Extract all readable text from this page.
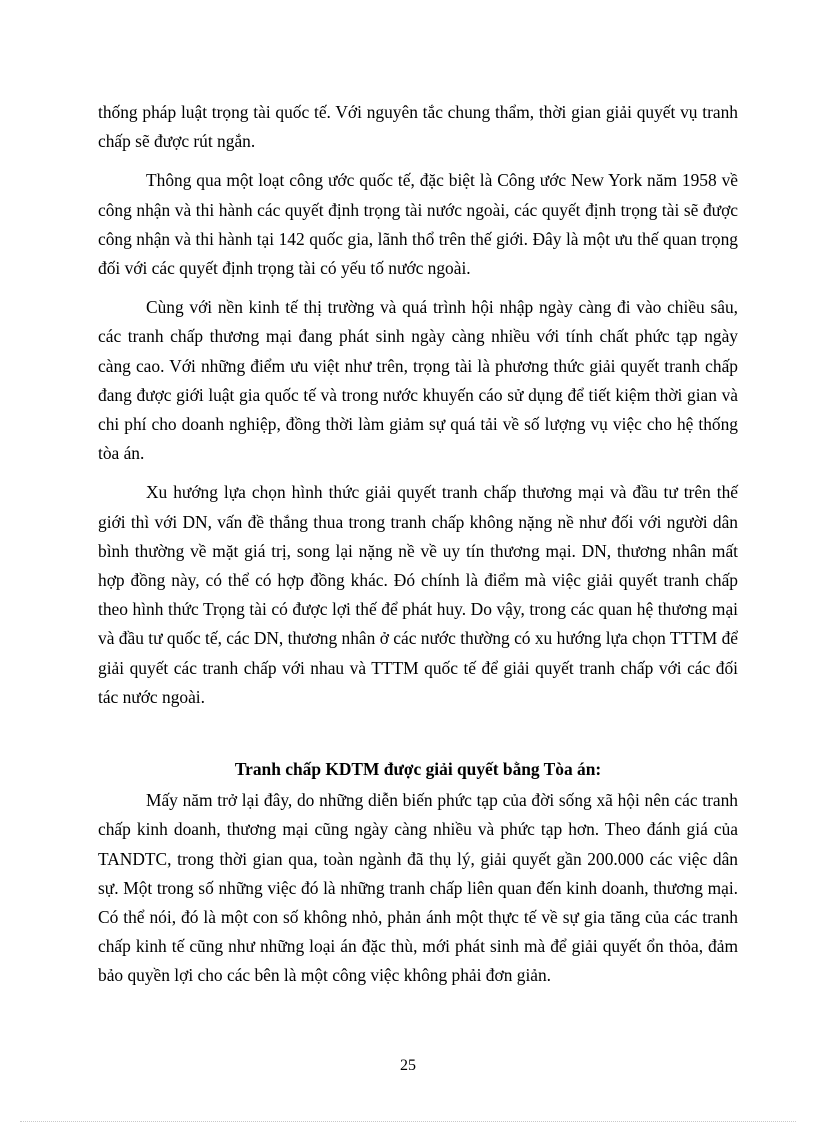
thống pháp luật trọng tài quốc tế. Với nguyên tắc chung thẩm, thời gian giải quyết vụ tranh chấp sẽ được rút ngắn.

Thông qua một loạt công ước quốc tế, đặc biệt là Công ước New York năm 1958 về công nhận và thi hành các quyết định trọng tài nước ngoài, các quyết định trọng tài sẽ được công nhận và thi hành tại 142 quốc gia, lãnh thổ trên thế giới. Đây là một ưu thế quan trọng đối với các quyết định trọng tài có yếu tố nước ngoài.

Cùng với nền kinh tế thị trường và quá trình hội nhập ngày càng đi vào chiều sâu, các tranh chấp thương mại đang phát sinh ngày càng nhiều với tính chất phức tạp ngày càng cao. Với những điểm ưu việt như trên, trọng tài là phương thức giải quyết tranh chấp đang được giới luật gia quốc tế và trong nước khuyến cáo sử dụng để tiết kiệm thời gian và chi phí cho doanh nghiệp, đồng thời làm giảm sự quá tải về số lượng vụ việc cho hệ thống tòa án.

Xu hướng lựa chọn hình thức giải quyết tranh chấp thương mại và đầu tư trên thế giới thì với DN, vấn đề thắng thua trong tranh chấp không nặng nề như đối với người dân bình thường về mặt giá trị, song lại nặng nề về uy tín thương mại. DN, thương nhân mất hợp đồng này, có thể có hợp đồng khác. Đó chính là điểm mà việc giải quyết tranh chấp theo hình thức Trọng tài có được lợi thế để phát huy. Do vậy, trong các quan hệ thương mại và đầu tư quốc tế, các DN, thương nhân ở các nước thường có xu hướng lựa chọn TTTM để giải quyết các tranh chấp với nhau và TTTM quốc tế để giải quyết tranh chấp với các đối tác nước ngoài.

Tranh chấp KDTM được giải quyết bằng Tòa án:

Mấy năm trở lại đây, do những diễn biến phức tạp của đời sống xã hội nên các tranh chấp kinh doanh, thương mại cũng ngày càng nhiều và phức tạp hơn. Theo đánh giá của TANDTC, trong thời gian qua, toàn ngành đã thụ lý, giải quyết gần 200.000 các việc dân sự. Một trong số những việc đó là những tranh chấp liên quan đến kinh doanh, thương mại. Có thể nói, đó là một con số không nhỏ, phản ánh một thực tế về sự gia tăng của các tranh chấp kinh tế cũng như những loại án đặc thù, mới phát sinh mà để giải quyết ổn thỏa, đảm bảo quyền lợi cho các bên là một công việc không phải đơn giản.

25
